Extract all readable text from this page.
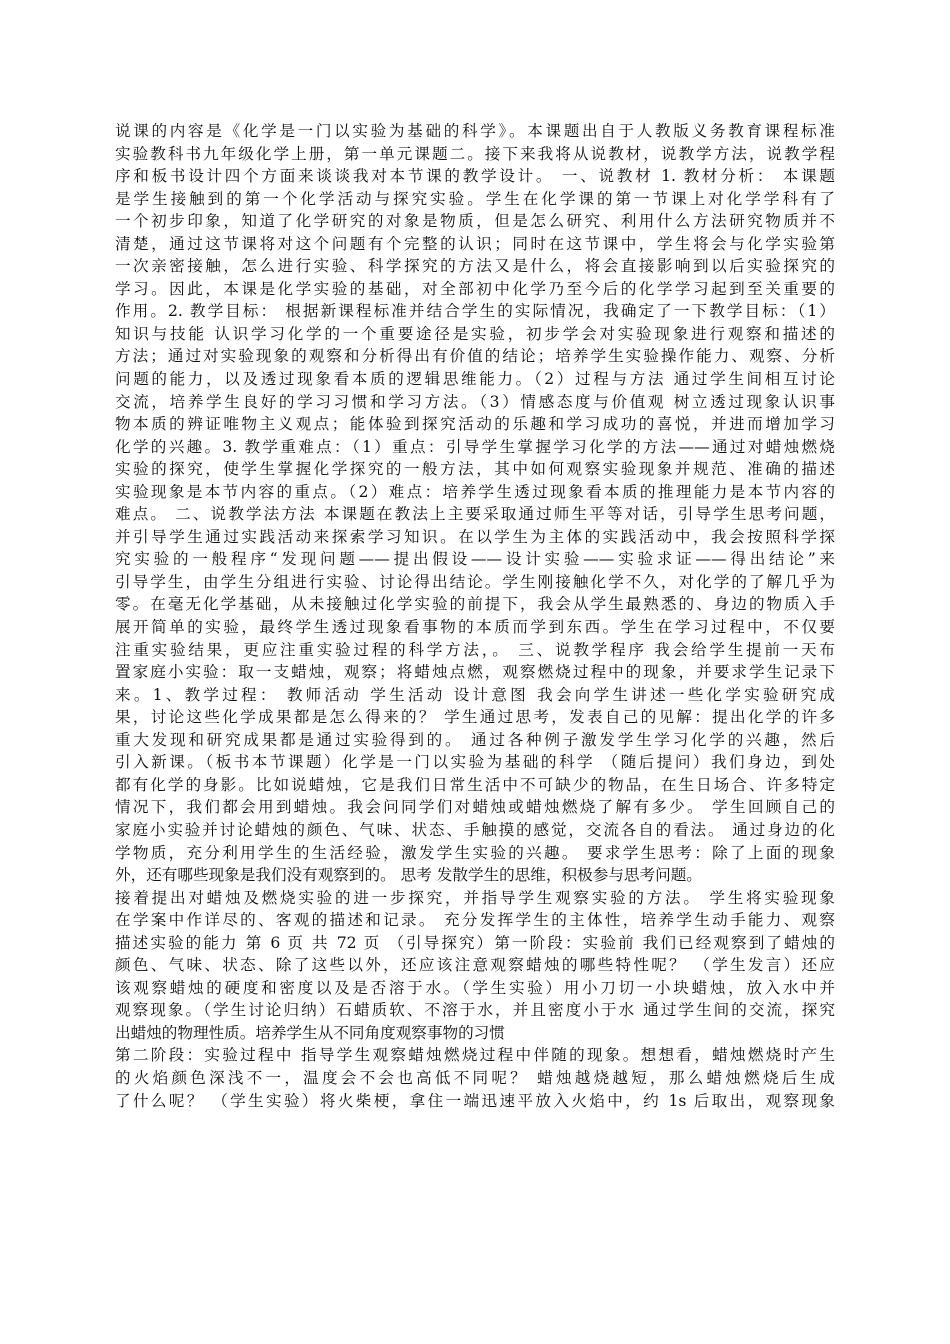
说课的内容是《化学是一门以实验为基础的科学》。本课题出自于人教版义务教育课程标准
实验教科书九年级化学上册，第一单元课题二。接下来我将从说教材，说教学方法，说教学程
序和板书设计四个方面来谈谈我对本节课的教学设计。 一、说教材 1. 教材分析： 本课题
是学生接触到的第一个化学活动与探究实验。学生在化学课的第一节课上对化学学科有了
一个初步印象，知道了化学研究的对象是物质，但是怎么研究、利用什么方法研究物质并不
清楚，通过这节课将对这个问题有个完整的认识；同时在这节课中，学生将会与化学实验第
一次亲密接触，怎么进行实验、科学探究的方法又是什么，将会直接影响到以后实验探究的
学习。因此，本课是化学实验的基础，对全部初中化学乃至今后的化学学习起到至关重要的
作用。2. 教学目标： 根据新课程标准并结合学生的实际情况，我确定了一下教学目标：（1）
知识与技能 认识学习化学的一个重要途径是实验，初步学会对实验现象进行观察和描述的
方法；通过对实验现象的观察和分析得出有价值的结论；培养学生实验操作能力、观察、分析
问题的能力，以及透过现象看本质的逻辑思维能力。（2）过程与方法 通过学生间相互讨论
交流，培养学生良好的学习习惯和学习方法。（3）情感态度与价值观 树立透过现象认识事
物本质的辨证唯物主义观点；能体验到探究活动的乐趣和学习成功的喜悦，并进而增加学习
化学的兴趣。3. 教学重难点：（1）重点：引导学生掌握学习化学的方法——通过对蜡烛燃烧
实验的探究，使学生掌握化学探究的一般方法，其中如何观察实验现象并规范、准确的描述
实验现象是本节内容的重点。（2）难点：培养学生透过现象看本质的推理能力是本节内容的
难点。 二、说教学法方法 本课题在教法上主要采取通过师生平等对话，引导学生思考问题，
并引导学生通过实践活动来探索学习知识。在以学生为主体的实践活动中，我会按照科学探
究实验的一般程序“发现问题——提出假设——设计实验——实验求证——得出结论”来
引导学生，由学生分组进行实验、讨论得出结论。学生刚接触化学不久，对化学的了解几乎为
零。在毫无化学基础，从未接触过化学实验的前提下，我会从学生最熟悉的、身边的物质入手
展开简单的实验，最终学生透过现象看事物的本质而学到东西。学生在学习过程中，不仅要
注重实验结果，更应注重实验过程的科学方法，。 三、说教学程序 我会给学生提前一天布
置家庭小实验：取一支蜡烛，观察；将蜡烛点燃，观察燃烧过程中的现象，并要求学生记录下
来。1、教学过程： 教师活动 学生活动 设计意图 我会向学生讲述一些化学实验研究成
果，讨论这些化学成果都是怎么得来的？ 学生通过思考，发表自己的见解：提出化学的许多
重大发现和研究成果都是通过实验得到的。 通过各种例子激发学生学习化学的兴趣，然后
引入新课。（板书本节课题）化学是一门以实验为基础的科学 （随后提问）我们身边，到处
都有化学的身影。比如说蜡烛，它是我们日常生活中不可缺少的物品，在生日场合、许多特定
情况下，我们都会用到蜡烛。我会问同学们对蜡烛或蜡烛燃烧了解有多少。 学生回顾自己的
家庭小实验并讨论蜡烛的颜色、气味、状态、手触摸的感觉，交流各自的看法。 通过身边的化
学物质，充分利用学生的生活经验，激发学生实验的兴趣。 要求学生思考：除了上面的现象
外，还有哪些现象是我们没有观察到的。 思考 发散学生的思维，积极参与思考问题。
接着提出对蜡烛及燃烧实验的进一步探究，并指导学生观察实验的方法。 学生将实验现象
在学案中作详尽的、客观的描述和记录。 充分发挥学生的主体性，培养学生动手能力、观察
描述实验的能力 第 6 页 共 72 页 （引导探究）第一阶段：实验前 我们已经观察到了蜡烛的
颜色、气味、状态、除了这些以外，还应该注意观察蜡烛的哪些特性呢？ （学生发言）还应
该观察蜡烛的硬度和密度以及是否溶于水。（学生实验）用小刀切一小块蜡烛，放入水中并
观察现象。（学生讨论归纳）石蜡质软、不溶于水，并且密度小于水 通过学生间的交流，探究
出蜡烛的物理性质。培养学生从不同角度观察事物的习惯
第二阶段：实验过程中 指导学生观察蜡烛燃烧过程中伴随的现象。想想看，蜡烛燃烧时产生
的火焰颜色深浅不一，温度会不会也高低不同呢？ 蜡烛越烧越短，那么蜡烛燃烧后生成
了什么呢？ （学生实验）将火柴梗，拿住一端迅速平放入火焰中，约 1s 后取出，观察现象
